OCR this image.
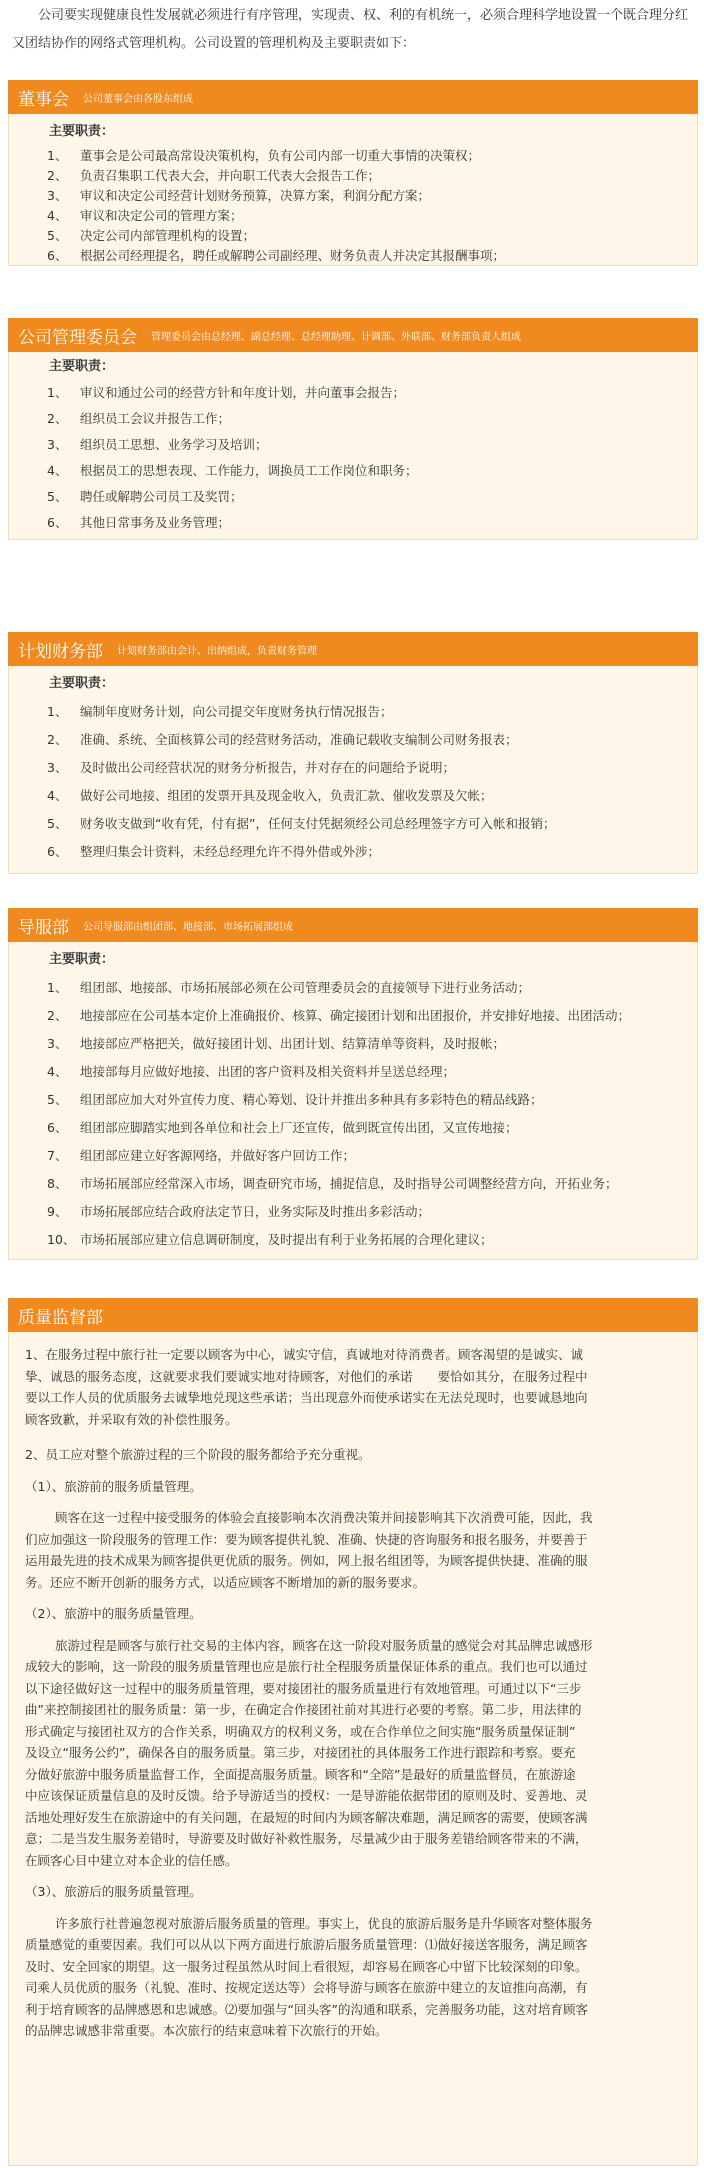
公司要实现健康良性发展就必须进行有序管理，实现责、权、利的有机统一，必须合理科学地设置一个既合理分红又团结协作的网络式管理机构。公司设置的管理机构及主要职责如下：
董事会 公司董事会由各股东组成
主要职责：
1、	董事会是公司最高常设决策机构，负有公司内部一切重大事情的决策权；
2、	负责召集职工代表大会，并向职工代表大会报告工作；
3、	审议和决定公司经营计划财务预算，决算方案，利润分配方案；
4、	审议和决定公司的管理方案；
5、	决定公司内部管理机构的设置；
6、	根据公司经理提名，聘任或解聘公司副经理、财务负责人并决定其报酬事项；
公司管理委员会 管理委员会由总经理、副总经理、总经理助理、计调部、外联部、财务部负责人组成
主要职责：
1、	审议和通过公司的经营方针和年度计划，并向董事会报告；
2、	组织员工会议并报告工作；
3、	组织员工思想、业务学习及培训；
4、	根据员工的思想表现、工作能力，调换员工工作岗位和职务；
5、	聘任或解聘公司员工及奖罚；
6、	其他日常事务及业务管理；
计划财务部 计划财务部由会计、出纳组成，负责财务管理
主要职责：
1、	编制年度财务计划，向公司提交年度财务执行情况报告；
2、	准确、系统、全面核算公司的经营财务活动，准确记载收支编制公司财务报表；
3、	及时做出公司经营状况的财务分析报告，并对存在的问题给予说明；
4、	做好公司地接、组团的发票开具及现金收入，负责汇款、催收发票及欠帐；
5、	财务收支做到“收有凭，付有据”，任何支付凭据须经公司总经理签字方可入帐和报销；
6、	整理归集会计资料，未经总经理允许不得外借或外涉；
导服部 公司导服部由组团部、地接部、市场拓展部组成
主要职责：
1、	组团部、地接部、市场拓展部必须在公司管理委员会的直接领导下进行业务活动；
2、	地接部应在公司基本定价上准确报价、核算、确定接团计划和出团报价，并安排好地接、出团活动；
3、	地接部应严格把关，做好接团计划、出团计划、结算清单等资料，及时报帐；
4、	地接部每月应做好地接、出团的客户资料及相关资料并呈送总经理；
5、	组团部应加大对外宣传力度、精心筹划、设计并推出多种具有多彩特色的精品线路；
6、	组团部应脚踏实地到各单位和社会上厂还宣传，做到既宣传出团，又宣传地接；
7、	组团部应建立好客源网络，并做好客户回访工作；
8、	市场拓展部应经常深入市场，调查研究市场，捕捉信息，及时指导公司调整经营方向，开拓业务；
9、	市场拓展部应结合政府法定节日，业务实际及时推出多彩活动；
10、 市场拓展部应建立信息调研制度，及时提出有利于业务拓展的合理化建议；
质量监督部

1、在服务过程中旅行社一定要以顾客为中心，诚实守信，真诚地对待消费者。顾客渴望的是诚实、诚

挚、诚恳的服务态度，这就要求我们要诚实地对待顾客，对他们的承诺　　要恰如其分，在服务过程中

要以工作人员的优质服务去诚挚地兑现这些承诺；当出现意外而使承诺实在无法兑现时，也要诚恳地向

顾客致歉，并采取有效的补偿性服务。

2、员工应对整个旅游过程的三个阶段的服务都给予充分重视。

（1）、旅游前的服务质量管理。

顾客在这一过程中接受服务的体验会直接影响本次消费决策并间接影响其下次消费可能，因此，我

们应加强这一阶段服务的管理工作：要为顾客提供礼貌、准确、快捷的咨询服务和报名服务，并要善于

运用最先进的技术成果为顾客提供更优质的服务。例如，网上报名组团等，为顾客提供快捷、准确的服

务。还应不断开创新的服务方式，以适应顾客不断增加的新的服务要求。

（2）、旅游中的服务质量管理。

旅游过程是顾客与旅行社交易的主体内容，顾客在这一阶段对服务质量的感觉会对其品牌忠诚感形

成较大的影响，这一阶段的服务质量管理也应是旅行社全程服务质量保证体系的重点。我们也可以通过

以下途径做好这一过程中的服务质量管理，要对接团社的服务质量进行有效地管理。可通过以下“三步

曲”来控制接团社的服务质量：第一步，在确定合作接团社前对其进行必要的考察。第二步，用法律的

形式确定与接团社双方的合作关系，明确双方的权利义务，或在合作单位之间实施“服务质量保证制”

及设立“服务公约”，确保各自的服务质量。第三步，对接团社的具体服务工作进行跟踪和考察。要充

分做好旅游中服务质量监督工作，全面提高服务质量。顾客和“全陪”是最好的质量监督员，在旅游途

中应该保证质量信息的及时反馈。给予导游适当的授权：一是导游能依据带团的原则及时、妥善地、灵

活地处理好发生在旅游途中的有关问题，在最短的时间内为顾客解决难题，满足顾客的需要，使顾客满

意；二是当发生服务差错时，导游要及时做好补救性服务，尽量减少由于服务差错给顾客带来的不满，

在顾客心目中建立对本企业的信任感。

（3）、旅游后的服务质量管理。

许多旅行社普遍忽视对旅游后服务质量的管理。事实上，优良的旅游后服务是升华顾客对整体服务

质量感觉的重要因素。我们可以从以下两方面进行旅游后服务质量管理：⑴做好接送客服务，满足顾客

及时、安全回家的期望。这一服务过程虽然从时间上看很短，却容易在顾客心中留下比较深刻的印象。

司乘人员优质的服务（礼貌、准时、按规定送达等）会将导游与顾客在旅游中建立的友谊推向高潮，有

利于培育顾客的品牌感恩和忠诚感。⑵要加强与“回头客”的沟通和联系，完善服务功能，这对培育顾客

的品牌忠诚感非常重要。本次旅行的结束意味着下次旅行的开始。
